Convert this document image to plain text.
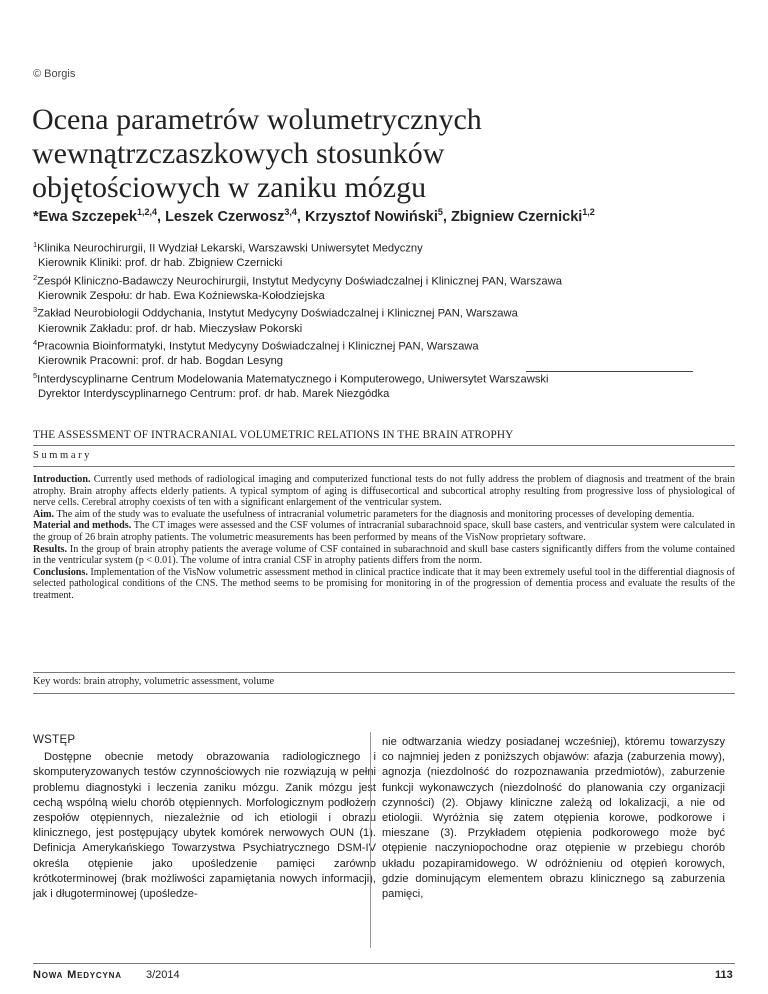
© Borgis
Ocena parametrów wolumetrycznych
wewnątrzczaszkowych stosunków
objętościowych w zaniku mózgu
*Ewa Szczepek$^{1,2,4}$, Leszek Czerwosz$^{3,4}$, Krzysztof Nowiński$^5$, Zbigniew Czernicki$^{1,2}$
$^1$Klinika Neurochirurgii, II Wydział Lekarski, Warszawski Uniwersytet Medyczny
Kierownik Kliniki: prof. dr hab. Zbigniew Czernicki
$^2$Zespół Kliniczno-Badawczy Neurochirurgii, Instytut Medycyny Doświadczalnej i Klinicznej PAN, Warszawa
Kierownik Zespołu: dr hab. Ewa Koźniewska-Kołodziejska
$^3$Zakład Neurobiologii Oddychania, Instytut Medycyny Doświadczalnej i Klinicznej PAN, Warszawa
Kierownik Zakładu: prof. dr hab. Mieczysław Pokorski
$^4$Pracownia Bioinformatyki, Instytut Medycyny Doświadczalnej i Klinicznej PAN, Warszawa
Kierownik Pracowni: prof. dr hab. Bogdan Lesyng
$^5$Interdyscyplinarne Centrum Modelowania Matematycznego i Komputerowego, Uniwersytet Warszawski
Dyrektor Interdyscyplinarnego Centrum: prof. dr hab. Marek Niezgódka
THE ASSESSMENT OF INTRACRANIAL VOLUMETRIC RELATIONS IN THE BRAIN ATROPHY
Summary

Introduction. Currently used methods of radiological imaging and computerized functional tests do not fully address the problem of diagnosis and treatment of the brain atrophy. Brain atrophy affects elderly patients. A typical symptom of aging is diffusecortical and subcortical atrophy resulting from progressive loss of physiological of nerve cells. Cerebral atrophy coexists of ten with a significant enlargement of the ventricular system.

Aim. The aim of the study was to evaluate the usefulness of intracranial volumetric parameters for the diagnosis and monitoring processes of developing dementia.

Material and methods. The CT images were assessed and the CSF volumes of intracranial subarachnoid space, skull base casters, and ventricular system were calculated in the group of 26 brain atrophy patients. The volumetric measurements has been performed by means of the VisNow proprietary software.

Results. In the group of brain atrophy patients the average volume of CSF contained in subarachnoid and skull base casters significantly differs from the volume contained in the ventricular system (p < 0.01). The volume of intra cranial CSF in atrophy patients differs from the norm.

Conclusions. Implementation of the VisNow volumetric assessment method in clinical practice indicate that it may been extremely useful tool in the differential diagnosis of selected pathological conditions of the CNS. The method seems to be promising for monitoring in of the progression of dementia process and evaluate the results of the treatment.

Key words: brain atrophy, volumetric assessment, volume
WSTĘP

Dostępne obecnie metody obrazowania radiologicznego i skomputeryzowanych testów czynnościowych nie rozwiązują w pełni problemu diagnostyki i leczenia zaniku mózgu. Zanik mózgu jest cechą wspólną wielu chorób otępiennych. Morfologicznym podłożem zespołów otępiennych, niezależnie od ich etiologii i obrazu klinicznego, jest postępujący ubytek komórek nerwowych OUN (1). Definicja Amerykańskiego Towarzystwa Psychiatrycznego DSM-IV określa otępienie jako upośledzenie pamięci zarówno krótkoterminowej (brak możliwości zapamiętania nowych informacji), jak i długoterminowej (upośledze-

nie odtwarzania wiedzy posiadanej wcześniej), któremu towarzyszy co najmniej jeden z poniższych objawów: afazja (zaburzenia mowy), agnozja (niezdolność do rozpoznawania przedmiotów), zaburzenie funkcji wykonawczych (niezdolność do planowania czy organizacji czynności) (2). Objawy kliniczne zależą od lokalizacji, a nie od etiologii. Wyróżnia się zatem otępienia korowe, podkorowe i mieszane (3). Przykładem otępienia podkorowego może być otępienie naczyniopochodne oraz otępienie w przebiegu chorób układu pozapiramidowego. W odróżnieniu od otępień korowych, gdzie dominującym elementem obrazu klinicznego są zaburzenia pamięci,

Nowa Medycyna 3/2014	113
